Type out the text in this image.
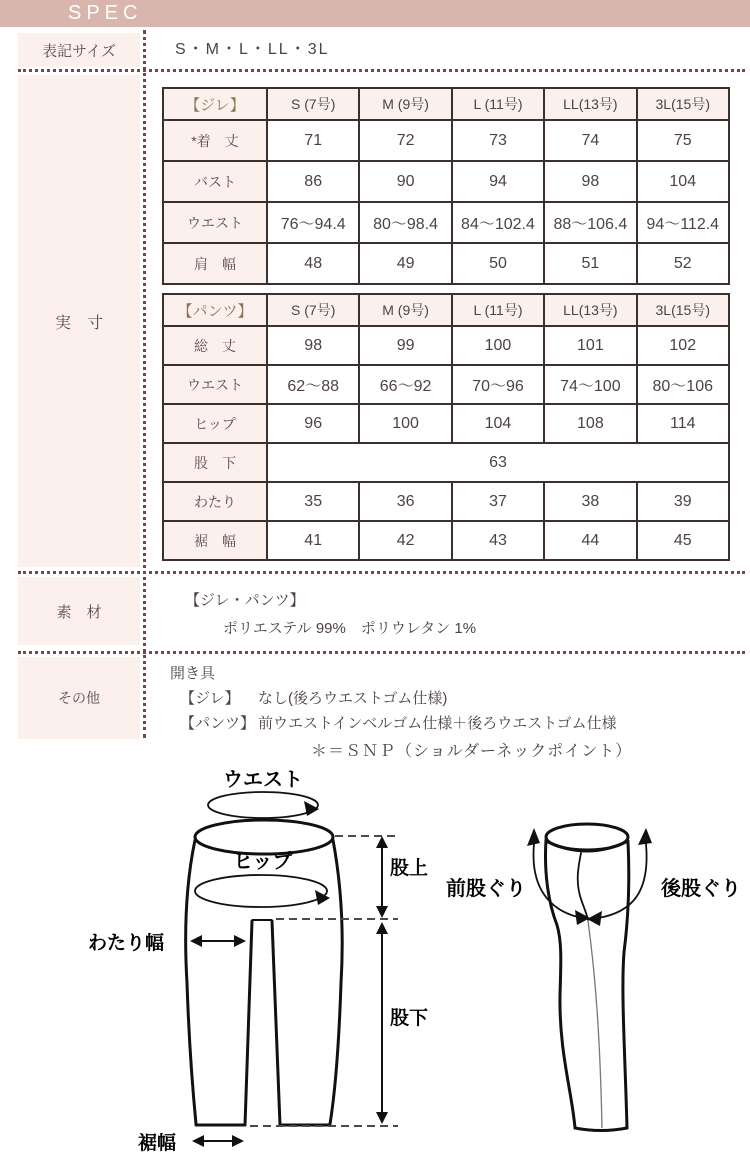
SPEC
表記サイズ	S・M・L・LL・3L
実　寸
【ジレ】	S (7号)	M (9号)	L (11号)	LL(13号)	3L(15号)
*着　丈	71	72	73	74	75
バスト	86	90	94	98	104
ウエスト	76～94.4	80～98.4	84～102.4	88～106.4	94～112.4
肩　幅	48	49	50	51	52
【パンツ】	S (7号)	M (9号)	L (11号)	LL(13号)	3L(15号)
総　丈	98	99	100	101	102
ウエスト	62～88	66～92	70～96	74～100	80～106
ヒップ	96	100	104	108	114
股　下	63				
わたり	35	36	37	38	39
裾　幅	41	42	43	44	45
素　材
【ジレ・パンツ】
ポリエステル 99%　ポリウレタン 1%
その他
開き具
【ジレ】 なし(後ろウエストゴム仕様)
【パンツ】 前ウエストインベルゴム仕様＋後ろウエストゴム仕様
＊＝ＳＮＰ（ショルダーネックポイント）
ウエスト
ヒップ	股上
股下
わたり幅
裾幅
前股ぐり	後股ぐり
